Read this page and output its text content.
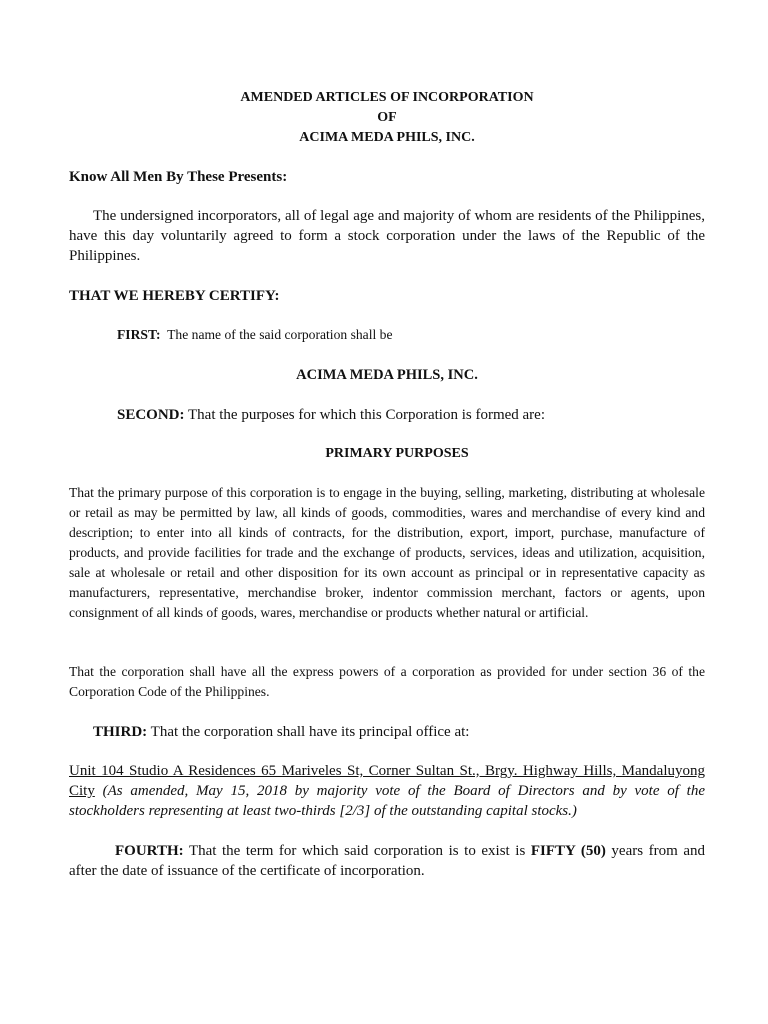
AMENDED ARTICLES OF INCORPORATION
OF
ACIMA MEDA PHILS, INC.

Know All Men By These Presents:

The undersigned incorporators, all of legal age and majority of whom are residents of the Philippines, have this day voluntarily agreed to form a stock corporation under the laws of the Republic of the Philippines.

THAT WE HEREBY CERTIFY:

FIRST: The name of the said corporation shall be

ACIMA MEDA PHILS, INC.

SECOND: That the purposes for which this Corporation is formed are:

PRIMARY PURPOSES

That the primary purpose of this corporation is to engage in the buying, selling, marketing, distributing at wholesale or retail as may be permitted by law, all kinds of goods, commodities, wares and merchandise of every kind and description; to enter into all kinds of contracts, for the distribution, export, import, purchase, manufacture of products, and provide facilities for trade and the exchange of products, services, ideas and utilization, acquisition, sale at wholesale or retail and other disposition for its own account as principal or in representative capacity as manufacturers, representative, merchandise broker, indentor commission merchant, factors or agents, upon consignment of all kinds of goods, wares, merchandise or products whether natural or artificial.

That the corporation shall have all the express powers of a corporation as provided for under section 36 of the Corporation Code of the Philippines.

THIRD: That the corporation shall have its principal office at:

Unit 104 Studio A Residences 65 Mariveles St, Corner Sultan St., Brgy. Highway Hills, Mandaluyong City (As amended, May 15, 2018 by majority vote of the Board of Directors and by vote of the stockholders representing at least two-thirds [2/3] of the outstanding capital stocks.)

FOURTH: That the term for which said corporation is to exist is FIFTY (50) years from and after the date of issuance of the certificate of incorporation.
